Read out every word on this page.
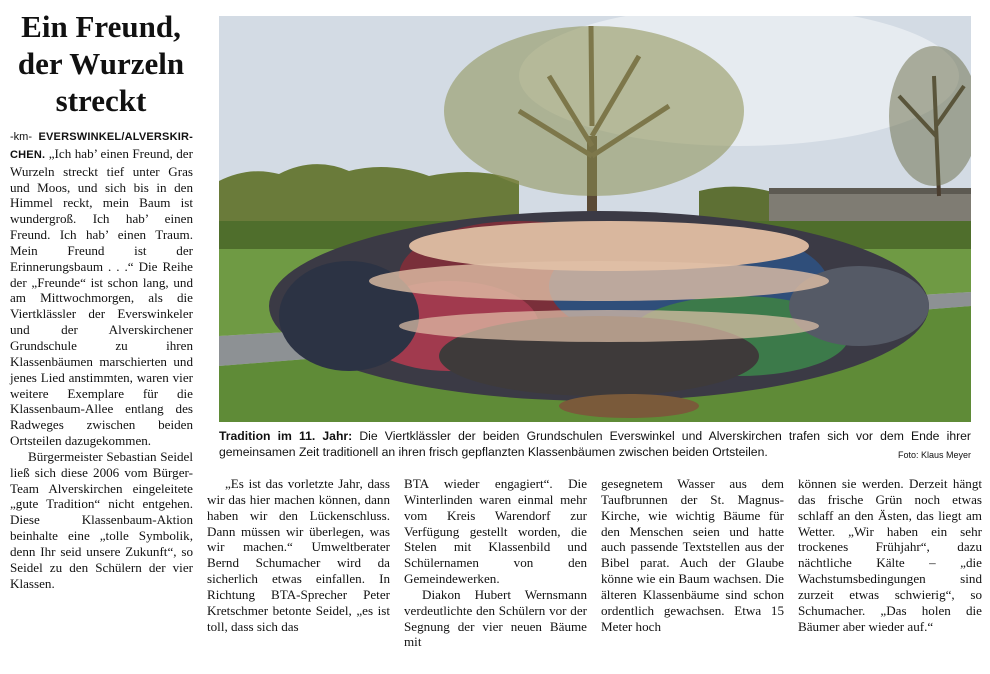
Ein Freund,
der Wurzeln
streckt

-km- EVERSWINKEL/ALVERSKIR-CHEN. „Ich hab’ einen Freund, der Wurzeln streckt tief unter Gras und Moos, und sich bis in den Himmel reckt, mein Baum ist wundergroß. Ich hab’ einen Freund. Ich hab’ einen Traum. Mein Freund ist der Erinnerungsbaum . . .“ Die Reihe der „Freunde“ ist schon lang, und am Mittwochmorgen, als die Viertklässler der Everswinkeler und der Alverskirchener Grundschule zu ihren Klassenbäumen marschierten und jenes Lied anstimmten, waren vier weitere Exemplare für die Klassenbaum-Allee entlang des Radweges zwischen beiden Ortsteilen dazugekommen.

Bürgermeister Sebastian Seidel ließ sich diese 2006 vom Bürger-Team Alverskirchen eingeleitete „gute Tradition“ nicht entgehen. Diese Klassenbaum-Aktion beinhalte eine „tolle Symbolik, denn Ihr seid unsere Zukunft“, so Seidel zu den Schülern der vier Klassen.

Tradition im 11. Jahr: Die Viertklässler der beiden Grundschulen Everswinkel und Alverskirchen trafen sich vor dem Ende ihrer gemeinsamen Zeit traditionell an ihren frisch gepflanzten Klassenbäumen zwischen beiden Ortsteilen.	Foto: Klaus Meyer

„Es ist das vorletzte Jahr, dass wir das hier machen können, dann haben wir den Lückenschluss. Dann müssen wir überlegen, was wir machen.“ Umweltberater Bernd Schumacher wird da sicherlich etwas einfallen. In Richtung BTA-Sprecher Peter Kretschmer betonte Seidel, „es ist toll, dass sich das

BTA wieder engagiert“. Die Winterlinden waren einmal mehr vom Kreis Warendorf zur Verfügung gestellt worden, die Stelen mit Klassenbild und Schülernamen von den Gemeindewerken.

Diakon Hubert Wernsmann verdeutlichte den Schülern vor der Segnung der vier neuen Bäume mit

gesegnetem Wasser aus dem Taufbrunnen der St. Magnus-Kirche, wie wichtig Bäume für den Menschen seien und hatte auch passende Textstellen aus der Bibel parat. Auch der Glaube könne wie ein Baum wachsen. Die älteren Klassenbäume sind schon ordentlich gewachsen. Etwa 15 Meter hoch

können sie werden. Derzeit hängt das frische Grün noch etwas schlaff an den Ästen, das liegt am Wetter. „Wir haben ein sehr trockenes Frühjahr“, dazu nächtliche Kälte – „die Wachstumsbedingungen sind zurzeit etwas schwierig“, so Schumacher. „Das holen die Bäumer aber wieder auf.“
